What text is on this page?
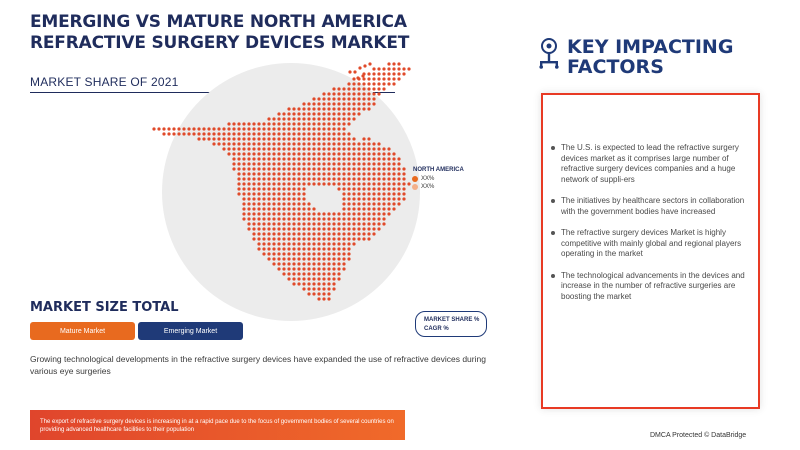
EMERGING VS MATURE NORTH AMERICA REFRACTIVE SURGERY DEVICES MARKET
MARKET SHARE OF 2021
NORTH AMERICA
XX%
XX%
MARKET SIZE TOTAL
Mature Market	Emerging Market
MARKET SHARE %
CAGR %
Growing technological developments in the refractive surgery devices have expanded the use of refractive devices during various eye surgeries
The export of refractive surgery devices is increasing in at a rapid pace due to the focus of government bodies of several countries on providing advanced healthcare facilities to their population
KEY IMPACTING
FACTORS
The U.S. is expected to lead the refractive surgery devices market as it comprises large number of refractive surgery devices companies and a huge network of suppli-ers
The initiatives by healthcare sectors in collaboration with the government bodies have increased
The refractive surgery devices Market is highly competitive with mainly global and regional players operating in the market
The technological advancements in the devices and increase in the number of refractive surgeries are boosting the market
DMCA Protected © DataBridge
